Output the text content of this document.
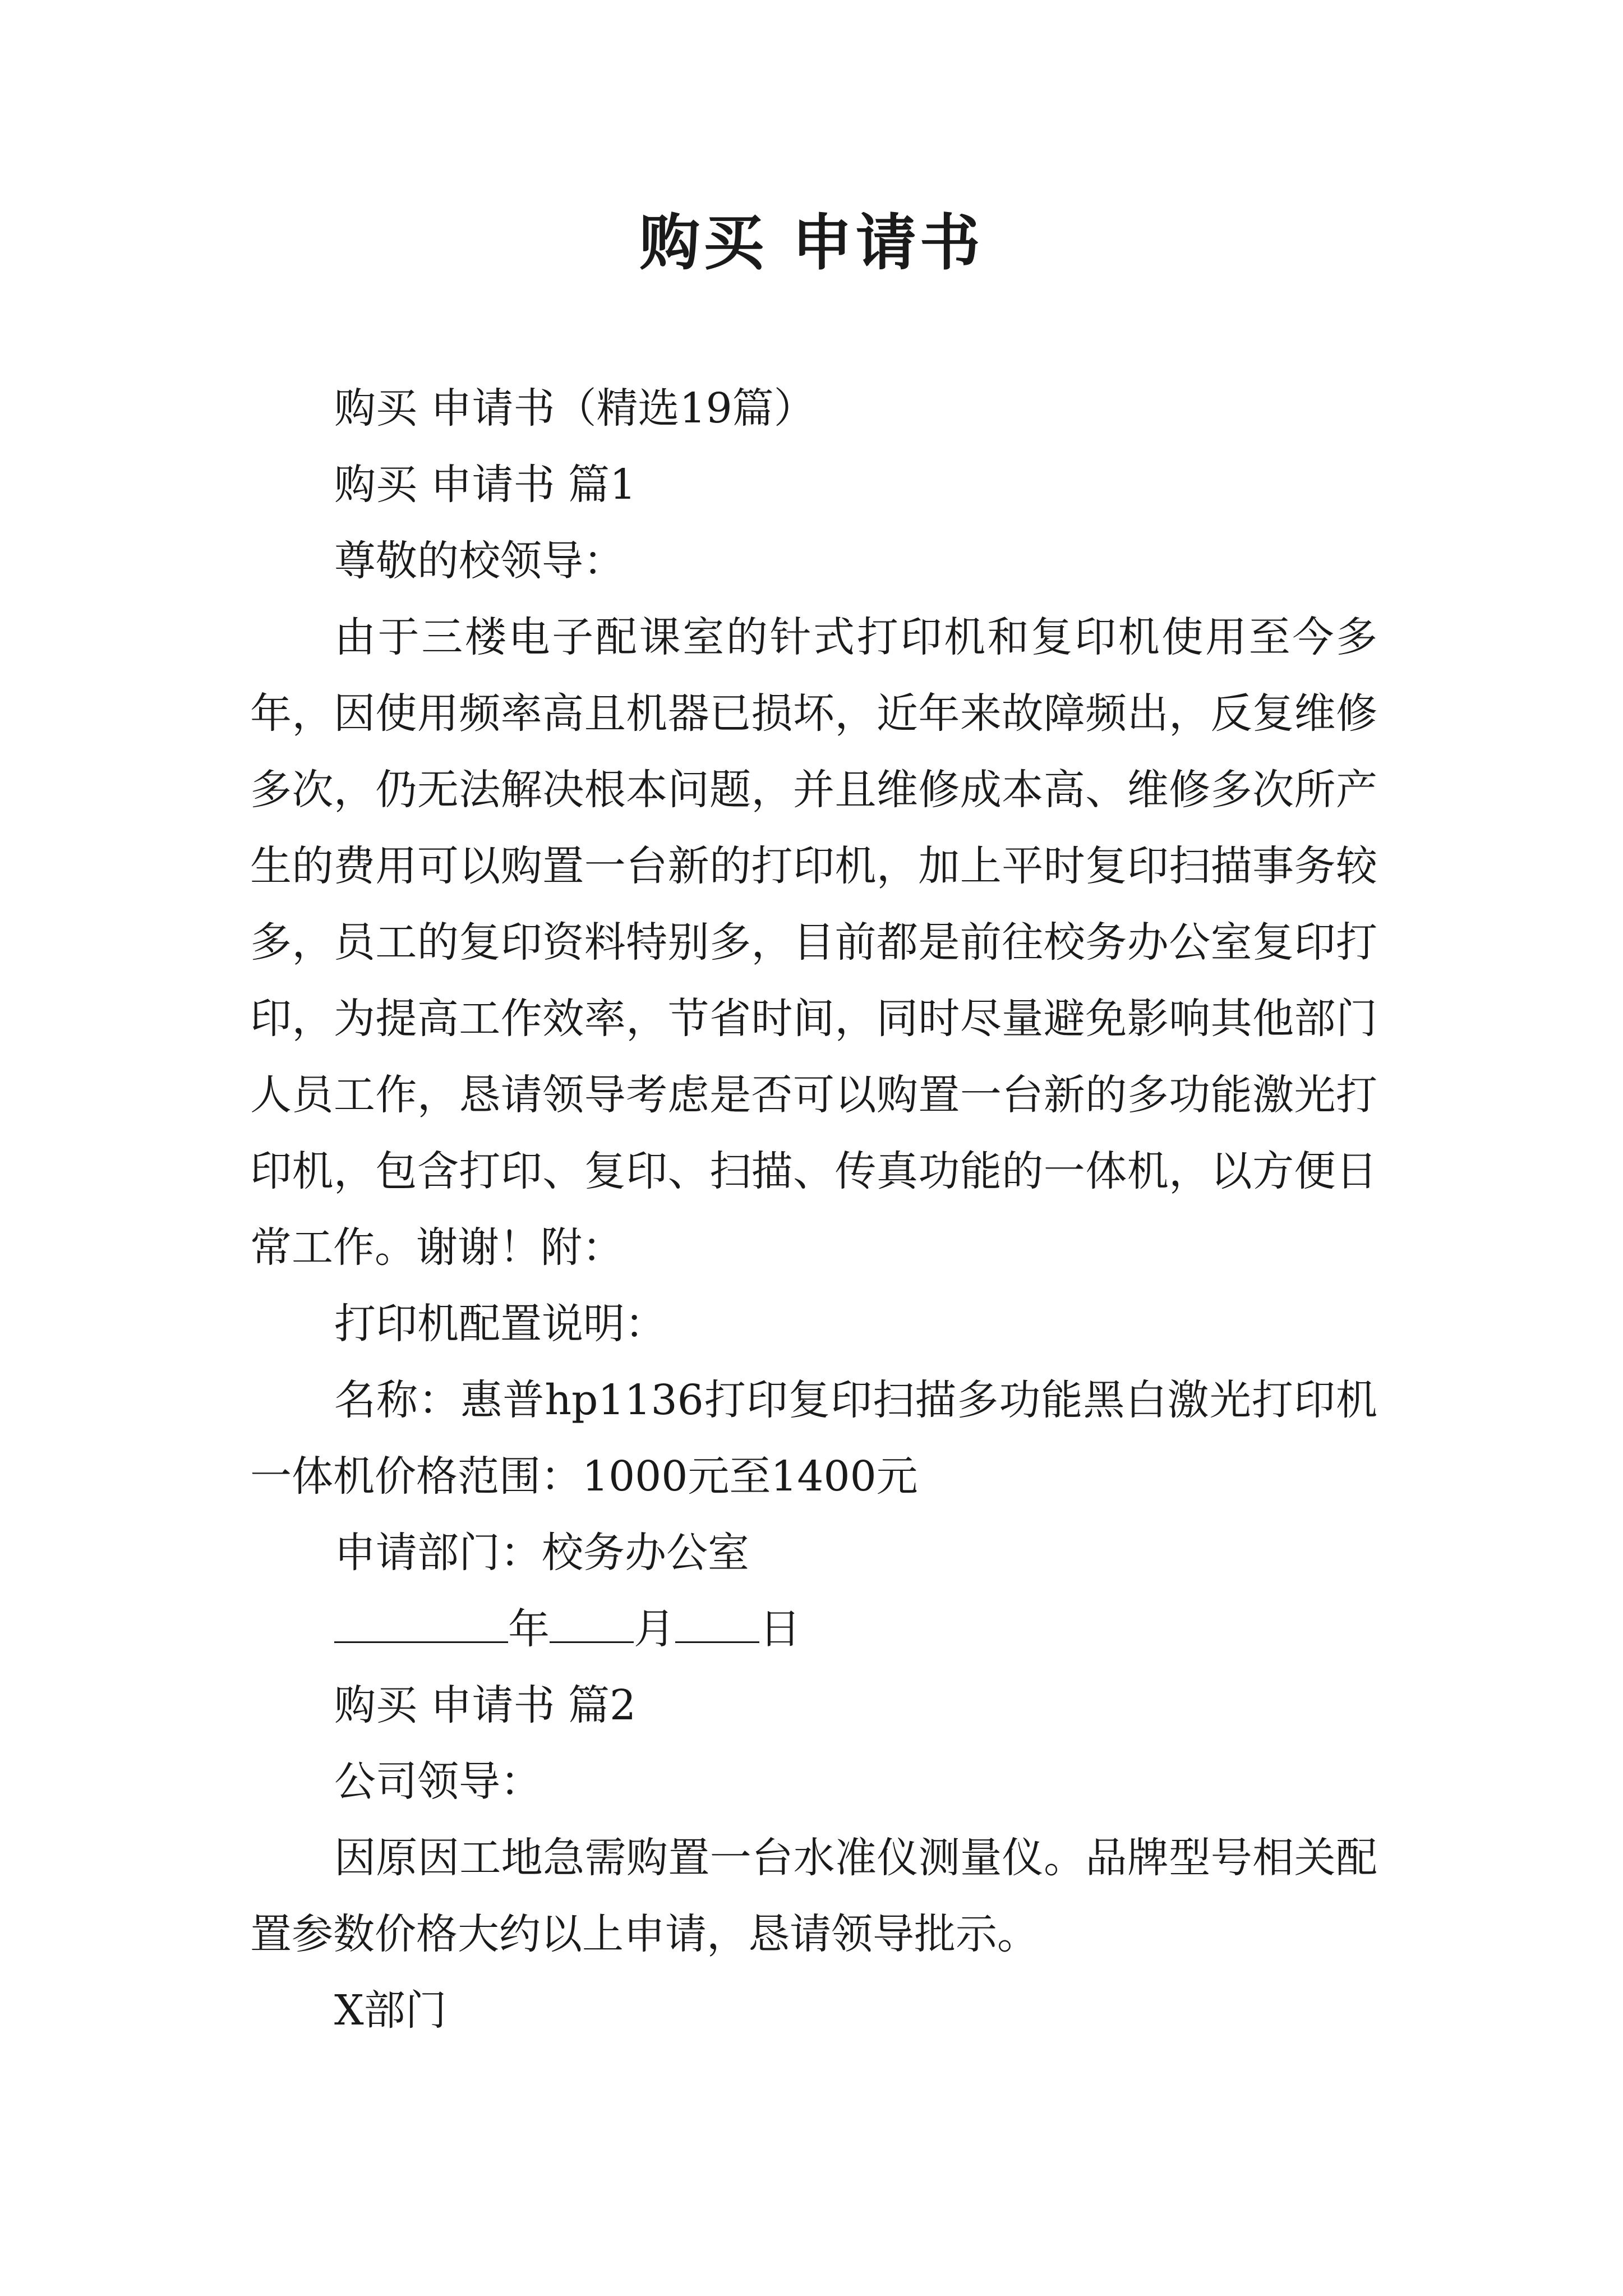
购买 申请书

购买 申请书（精选19篇）

购买 申请书 篇1

尊敬的校领导：

由于三楼电子配课室的针式打印机和复印机使用至今多年，因使用频率高且机器已损坏，近年来故障频出，反复维修多次，仍无法解决根本问题，并且维修成本高、维修多次所产生的费用可以购置一台新的打印机，加上平时复印扫描事务较多，员工的复印资料特别多，目前都是前往校务办公室复印打印，为提高工作效率，节省时间，同时尽量避免影响其他部门人员工作，恳请领导考虑是否可以购置一台新的多功能激光打印机，包含打印、复印、扫描、传真功能的一体机，以方便日常工作。谢谢！附：

打印机配置说明：

名称：惠普hp1136打印复印扫描多功能黑白激光打印机一体机价格范围：1000元至1400元

申请部门：校务办公室

年 月 日

购买 申请书 篇2

公司领导：

因原因工地急需购置一台水准仪测量仪。品牌型号相关配置参数价格大约以上申请，恳请领导批示。

X部门
